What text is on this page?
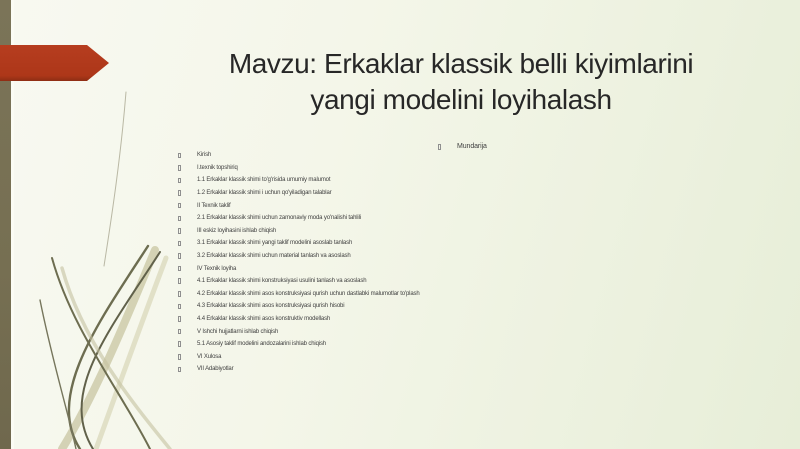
Mavzu: Erkaklar klassik belli kiyimlarini
yangi modelini loyihalash
Mundarija
Kirish
I.texnik topshiriq
1.1 Erkaklar klassik shimi to'g'risida umumiy malumot
1.2 Erkaklar klassik shimi i uchun qo'yiladigan talablar
II Texnik taklif
2.1 Erkaklar klassik shimi uchun zamonaviy moda yo'nalishi tahlili
III eskiz loyihasini ishlab chiqish
3.1 Erkaklar klassik shimi yangi taklif modelini asoslab tanlash
3.2 Erkaklar klassik shimi uchun material tanlash va asoslash
IV Texnik loyiha
4.1 Erkaklar klassik shimi konstruksiyasi usulini tanlash va asoslash
4.2 Erkaklar klassik shimi asos konstruksiyasi qurish uchun dastlabki malumotlar to'plash
4.3 Erkaklar klassik shimi asos konstruksiyasi qurish hisobi
4.4 Erkaklar klassik shimi asos konstruktiv modellash
V Ishchi hujjatlarni ishlab chiqish
5.1 Asosiy taklif modelini andozalarini ishlab chiqish
VI Xulosa
VII Adabiyotlar
